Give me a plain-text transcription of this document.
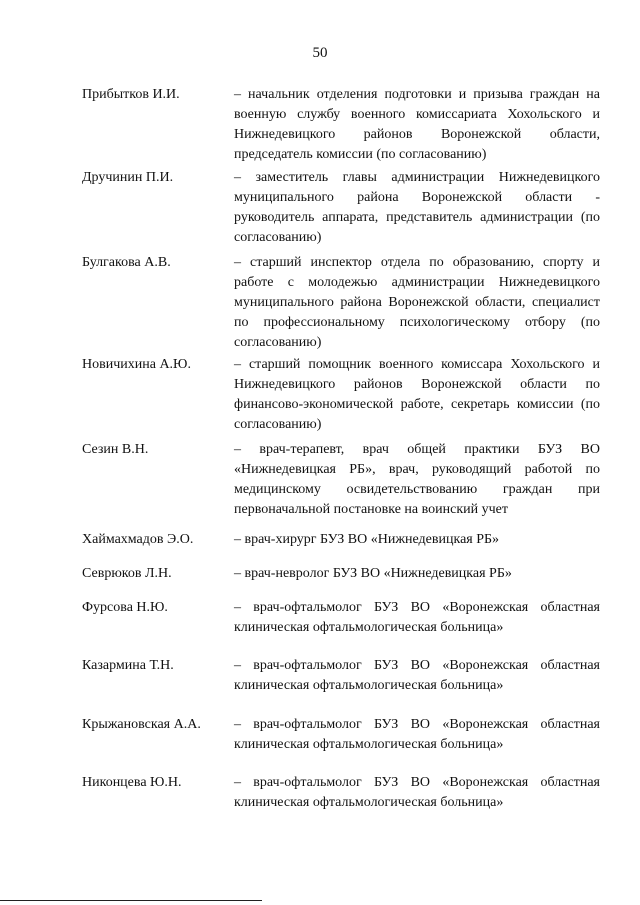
50
Прибытков И.И.	– начальник отделения подготовки и призыва граждан на военную службу военного комиссариата Хохольского и Нижнедевицкого районов Воронежской области, председатель комиссии (по согласованию)
Дручинин П.И.	– заместитель главы администрации Нижнедевицкого муниципального района Воронежской области - руководитель аппарата, представитель администрации (по согласованию)
Булгакова А.В.	– старший инспектор отдела по образованию, спорту и работе с молодежью администрации Нижнедевицкого муниципального района Воронежской области, специалист по профессиональному психологическому отбору (по согласованию)
Новичихина А.Ю.	– старший помощник военного комиссара Хохольского и Нижнедевицкого районов Воронежской области по финансово-экономической работе, секретарь комиссии (по согласованию)
Сезин В.Н.	– врач-терапевт, врач общей практики БУЗ ВО «Нижнедевицкая РБ», врач, руководящий работой по медицинскому освидетельствованию граждан при первоначальной постановке на воинский учет
Хаймахмадов Э.О.	– врач-хирург БУЗ ВО «Нижнедевицкая РБ»
Севрюков Л.Н.	– врач-невролог БУЗ ВО «Нижнедевицкая РБ»
Фурсова Н.Ю.	– врач-офтальмолог БУЗ ВО «Воронежская областная клиническая офтальмологическая больница»
Казармина Т.Н.	– врач-офтальмолог БУЗ ВО «Воронежская областная клиническая офтальмологическая больница»
Крыжановская А.А. – врач-офтальмолог БУЗ ВО «Воронежская областная клиническая офтальмологическая больница»
Никонцева Ю.Н.	– врач-офтальмолог БУЗ ВО «Воронежская областная клиническая офтальмологическая больница»
